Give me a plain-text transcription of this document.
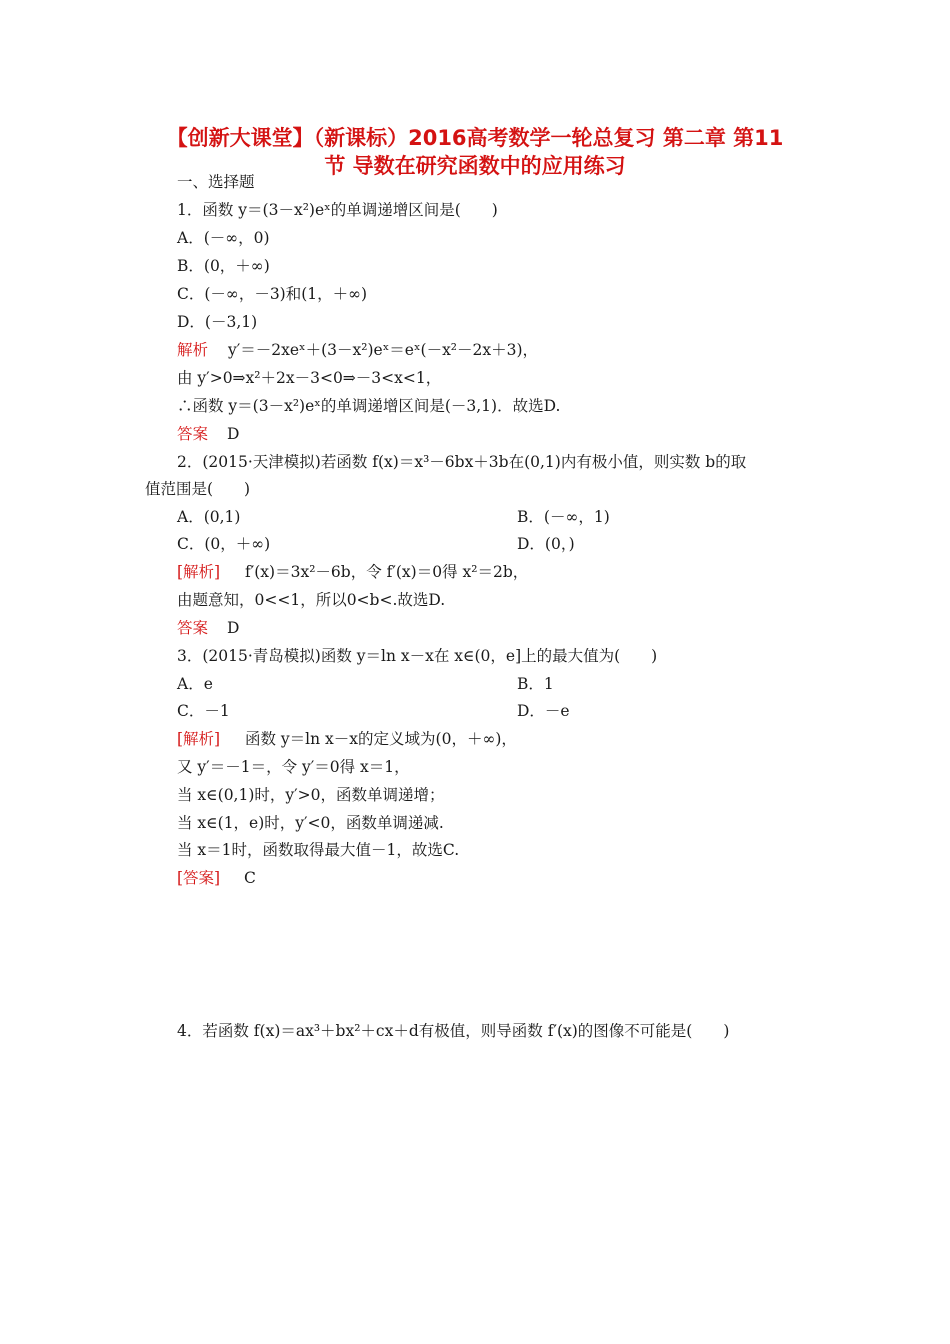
【创新大课堂】（新课标）2016高考数学一轮总复习 第二章 第11
节 导数在研究函数中的应用练习
一、选择题
1．函数 y＝(3－x²)eˣ的单调递增区间是(　　)
A．(－∞，0)
B．(0，＋∞)
C．(－∞，－3)和(1，＋∞)
D．(－3,1)
解析 y′＝－2xeˣ＋(3－x²)eˣ＝eˣ(－x²－2x＋3)，
由 y′>0⇒x²＋2x－3<0⇒－3<x<1，
∴函数 y＝(3－x²)eˣ的单调递增区间是(－3,1)．故选D.
答案 D
2．(2015·天津模拟)若函数 f(x)＝x³－6bx＋3b在(0,1)内有极小值，则实数 b的取
值范围是(　　)
A．(0,1)	B．(－∞，1)
C．(0，＋∞)	D．(0，)
[解析] f′(x)＝3x²－6b，令 f′(x)＝0得 x²＝2b，
由题意知，0<<1，所以0<b<.故选D.
答案 D
3．(2015·青岛模拟)函数 y＝ln x－x在 x∈(0，e]上的最大值为(　　)
A．e	B．1
C．－1	D．－e
[解析] 函数 y＝ln x－x的定义域为(0，＋∞)，
又 y′＝－1＝，令 y′＝0得 x＝1，
当 x∈(0,1)时，y′>0，函数单调递增；
当 x∈(1，e)时，y′<0，函数单调递减.
当 x＝1时，函数取得最大值－1，故选C.
[答案] C
4．若函数 f(x)＝ax³＋bx²＋cx＋d有极值，则导函数 f′(x)的图像不可能是(　　)
